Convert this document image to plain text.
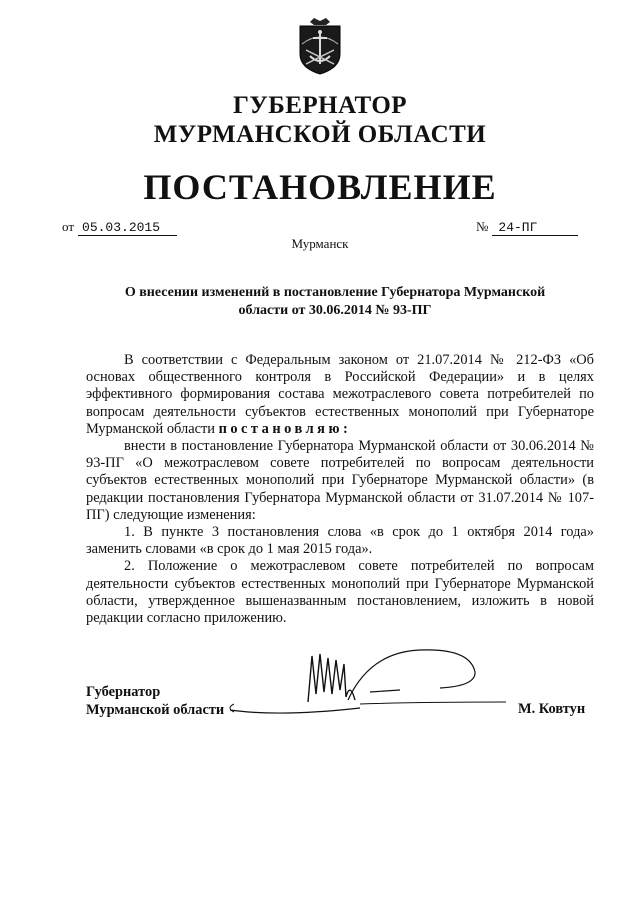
ГУБЕРНАТОР
МУРМАНСКОЙ ОБЛАСТИ
ПОСТАНОВЛЕНИЕ
от 05.03.2015	№ 24-ПГ
Мурманск
О внесении изменений в постановление Губернатора Мурманской
области от 30.06.2014 № 93-ПГ

В соответствии с Федеральным законом от 21.07.2014 № 212-ФЗ «Об основах общественного контроля в Российской Федерации» и в целях эффективного формирования состава межотраслевого совета потребителей по вопросам деятельности субъектов естественных монополий при Губернаторе Мурманской области постановляю:

внести в постановление Губернатора Мурманской области от 30.06.2014 № 93-ПГ «О межотраслевом совете потребителей по вопросам деятельности субъектов естественных монополий при Губернаторе Мурманской области» (в редакции постановления Губернатора Мурманской области от 31.07.2014 № 107-ПГ) следующие изменения:

1. В пункте 3 постановления слова «в срок до 1 октября 2014 года» заменить словами «в срок до 1 мая 2015 года».

2. Положение о межотраслевом совете потребителей по вопросам деятельности субъектов естественных монополий при Губернаторе Мурманской области, утвержденное вышеназванным постановлением, изложить в новой редакции согласно приложению.

Губернатор
Мурманской области	М. Ковтун
